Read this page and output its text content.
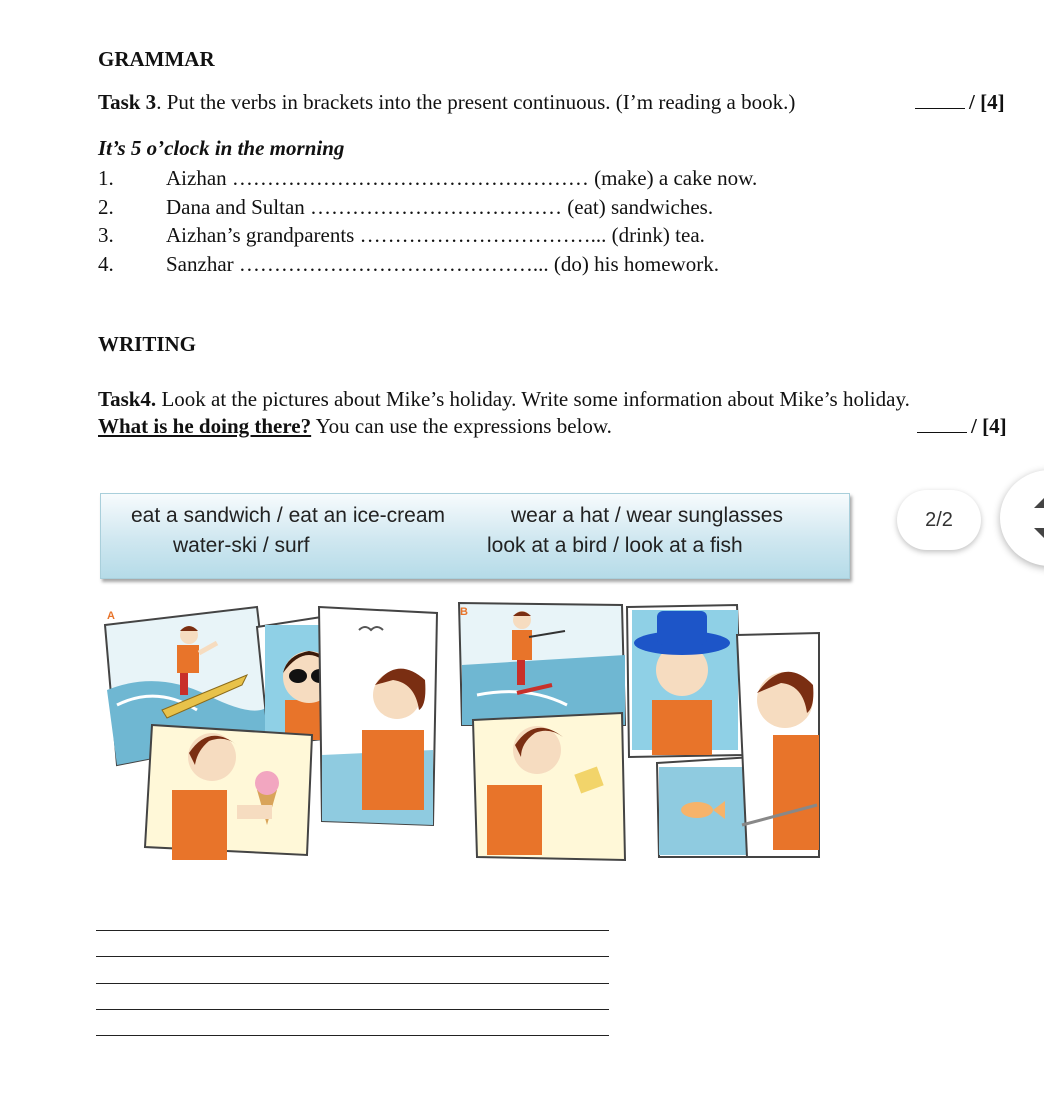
GRAMMAR
Task 3. Put the verbs in brackets into the present continuous. (I’m reading a book.)	/ [4]
It’s 5 o’clock in the morning
1. Aizhan …………………………………………… (make) a cake now.
2. Dana and Sultan ……………………………… (eat) sandwiches.
3. Aizhan’s grandparents ……………………………... (drink) tea.
4. Sanzhar ……………………………………... (do) his homework.
WRITING
Task4. Look at the pictures about Mike’s holiday. Write some information about Mike’s holiday.
What is he doing there? You can use the expressions below.	/ [4]
eat a sandwich / eat an ice-cream	wear a hat / wear sunglasses
water-ski / surf	look at a bird / look at a fish
2/2
A	B
